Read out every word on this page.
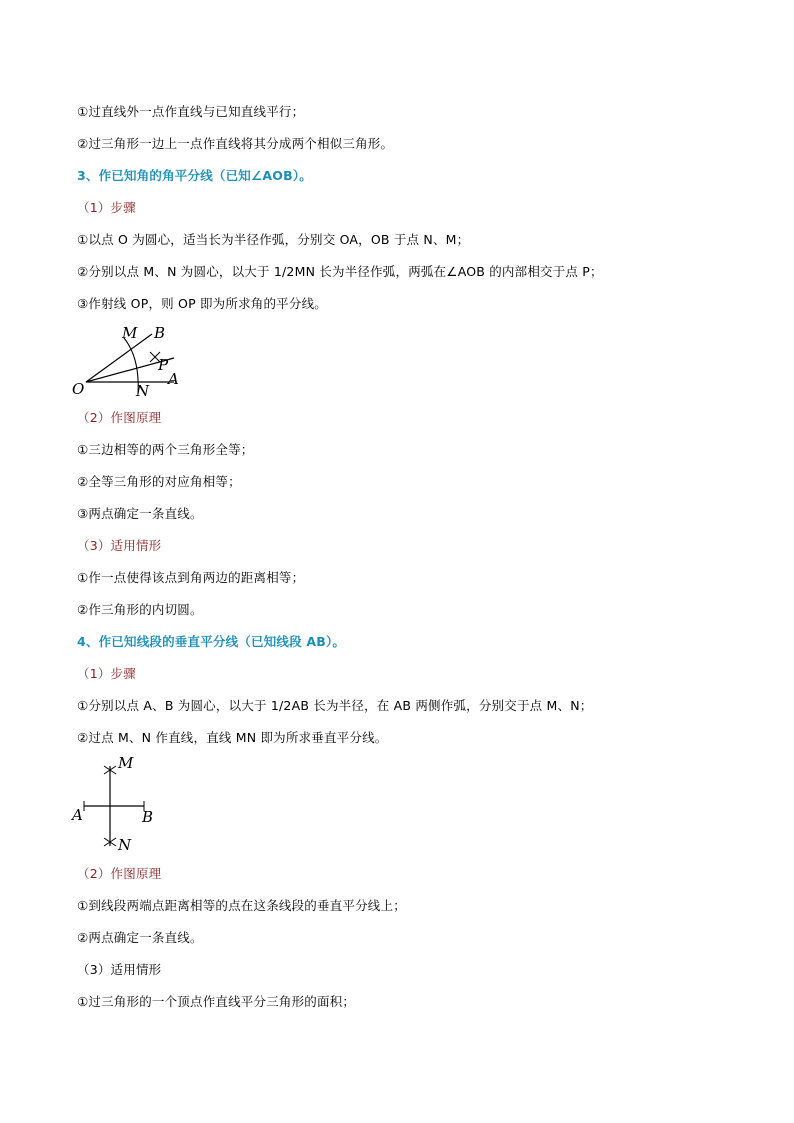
①过直线外一点作直线与已知直线平行；
②过三角形一边上一点作直线将其分成两个相似三角形。
3、作已知角的角平分线（已知∠AOB）。
（1）步骤
①以点 O 为圆心，适当长为半径作弧，分别交 OA，OB 于点 N、M；
②分别以点 M、N 为圆心，以大于 1/2MN 长为半径作弧，两弧在∠AOB 的内部相交于点 P；
③作射线 OP，则 OP 即为所求角的平分线。
M B
P
O	N
A
（2）作图原理
①三边相等的两个三角形全等；
②全等三角形的对应角相等；
③两点确定一条直线。
（3）适用情形
①作一点使得该点到角两边的距离相等；
②作三角形的内切圆。
4、作已知线段的垂直平分线（已知线段 AB）。
（1）步骤
①分别以点 A、B 为圆心，以大于 1/2AB 长为半径，在 AB 两侧作弧，分别交于点 M、N；
②过点 M、N 作直线，直线 MN 即为所求垂直平分线。
M
A	B
N
（2）作图原理
①到线段两端点距离相等的点在这条线段的垂直平分线上；
②两点确定一条直线。
（3）适用情形
①过三角形的一个顶点作直线平分三角形的面积；
